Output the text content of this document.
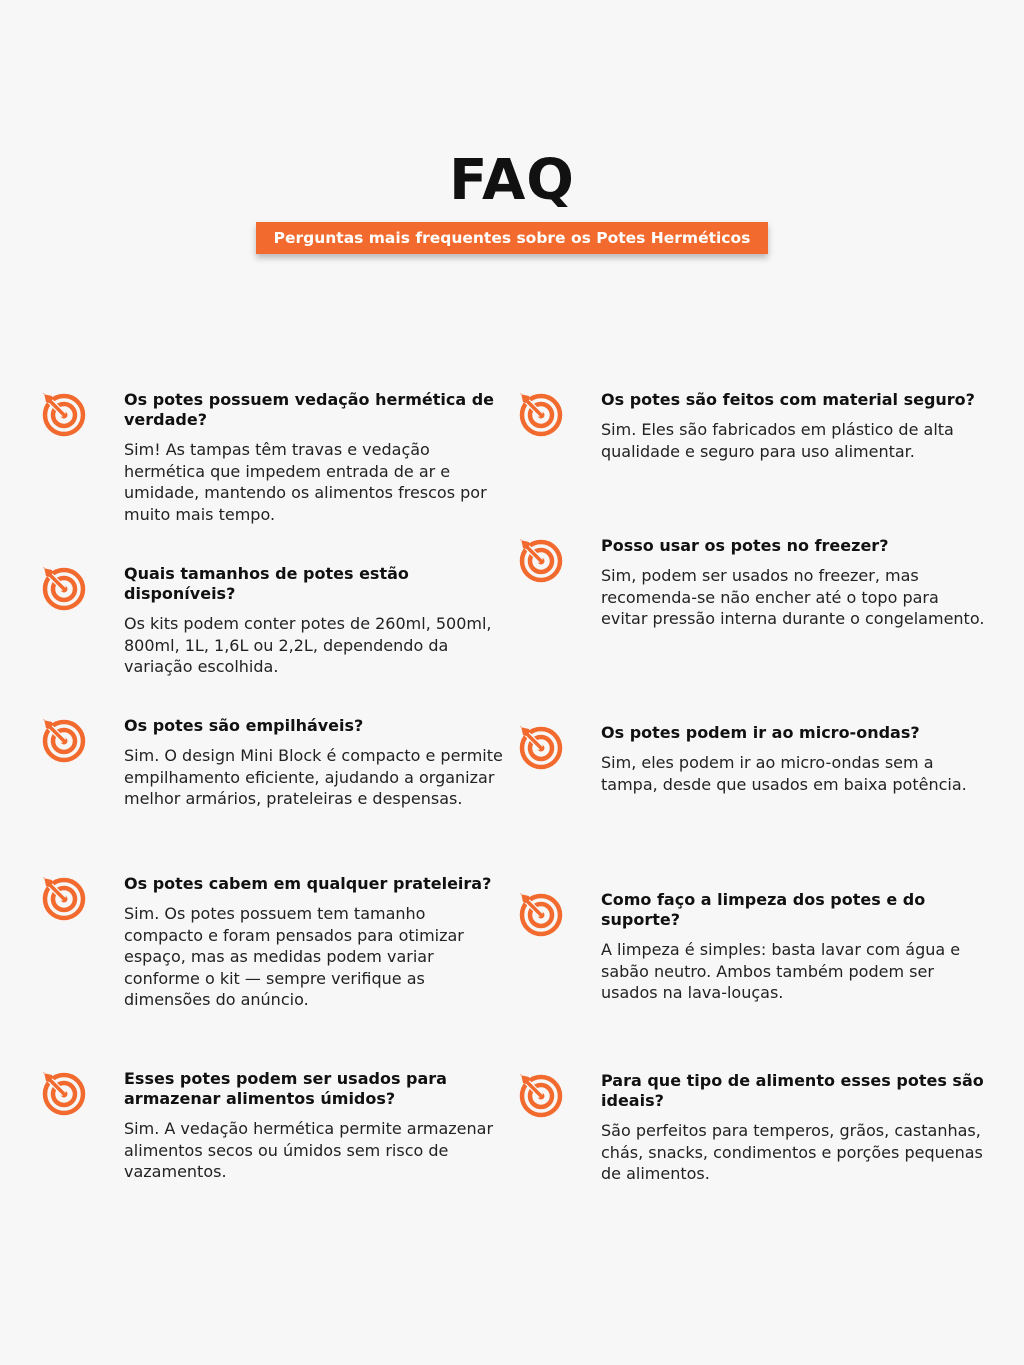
FAQ
Perguntas mais frequentes sobre os Potes Herméticos

Os potes possuem vedação hermética de verdade?

Sim! As tampas têm travas e vedação hermética que impedem entrada de ar e umidade, mantendo os alimentos frescos por muito mais tempo.

Quais tamanhos de potes estão disponíveis?

Os kits podem conter potes de 260ml, 500ml, 800ml, 1L, 1,6L ou 2,2L, dependendo da variação escolhida.

Os potes são empilháveis?

Sim. O design Mini Block é compacto e permite empilhamento eficiente, ajudando a organizar melhor armários, prateleiras e despensas.

Os potes cabem em qualquer prateleira?

Sim. Os potes possuem tem tamanho compacto e foram pensados para otimizar espaço, mas as medidas podem variar conforme o kit — sempre verifique as dimensões do anúncio.

Esses potes podem ser usados para armazenar alimentos úmidos?

Sim. A vedação hermética permite armazenar alimentos secos ou úmidos sem risco de vazamentos.

Os potes são feitos com material seguro?

Sim. Eles são fabricados em plástico de alta qualidade e seguro para uso alimentar.

Posso usar os potes no freezer?

Sim, podem ser usados no freezer, mas recomenda-se não encher até o topo para evitar pressão interna durante o congelamento.

Os potes podem ir ao micro-ondas?

Sim, eles podem ir ao micro-ondas sem a tampa, desde que usados em baixa potência.

Como faço a limpeza dos potes e do suporte?

A limpeza é simples: basta lavar com água e sabão neutro. Ambos também podem ser usados na lava-louças.

Para que tipo de alimento esses potes são ideais?

São perfeitos para temperos, grãos, castanhas, chás, snacks, condimentos e porções pequenas de alimentos.
